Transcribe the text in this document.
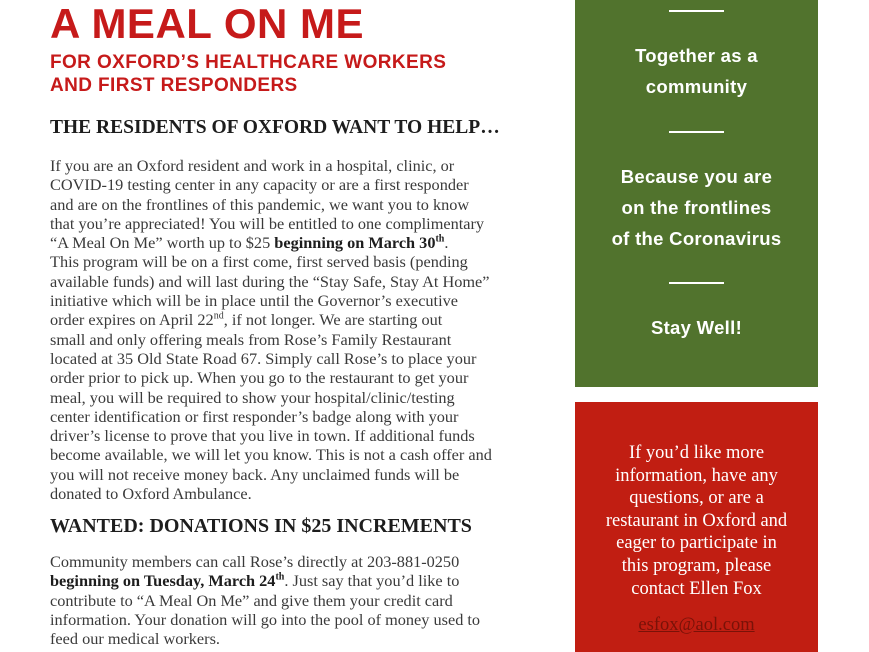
A MEAL ON ME
FOR OXFORD’S HEALTHCARE WORKERS
AND FIRST RESPONDERS
THE RESIDENTS OF OXFORD WANT TO HELP…
If you are an Oxford resident and work in a hospital, clinic, or
COVID-19 testing center in any capacity or are a first responder
and are on the frontlines of this pandemic, we want you to know
that you’re appreciated! You will be entitled to one complimentary
“A Meal On Me” worth up to $25 beginning on March 30th.
This program will be on a first come, first served basis (pending
available funds) and will last during the “Stay Safe, Stay At Home”
initiative which will be in place until the Governor’s executive
order expires on April 22nd, if not longer. We are starting out
small and only offering meals from Rose’s Family Restaurant
located at 35 Old State Road 67. Simply call Rose’s to place your
order prior to pick up. When you go to the restaurant to get your
meal, you will be required to show your hospital/clinic/testing
center identification or first responder’s badge along with your
driver’s license to prove that you live in town. If additional funds
become available, we will let you know. This is not a cash offer and
you will not receive money back. Any unclaimed funds will be
donated to Oxford Ambulance.
WANTED: DONATIONS IN $25 INCREMENTS
Community members can call Rose’s directly at 203-881-0250
beginning on Tuesday, March 24th. Just say that you’d like to
contribute to “A Meal On Me” and give them your credit card
information. Your donation will go into the pool of money used to
feed our medical workers.
Together as a
community
Because you are
on the frontlines
of the Coronavirus
Stay Well!
If you’d like more
information, have any
questions, or are a
restaurant in Oxford and
eager to participate in
this program, please
contact Ellen Fox
esfox@aol.com
